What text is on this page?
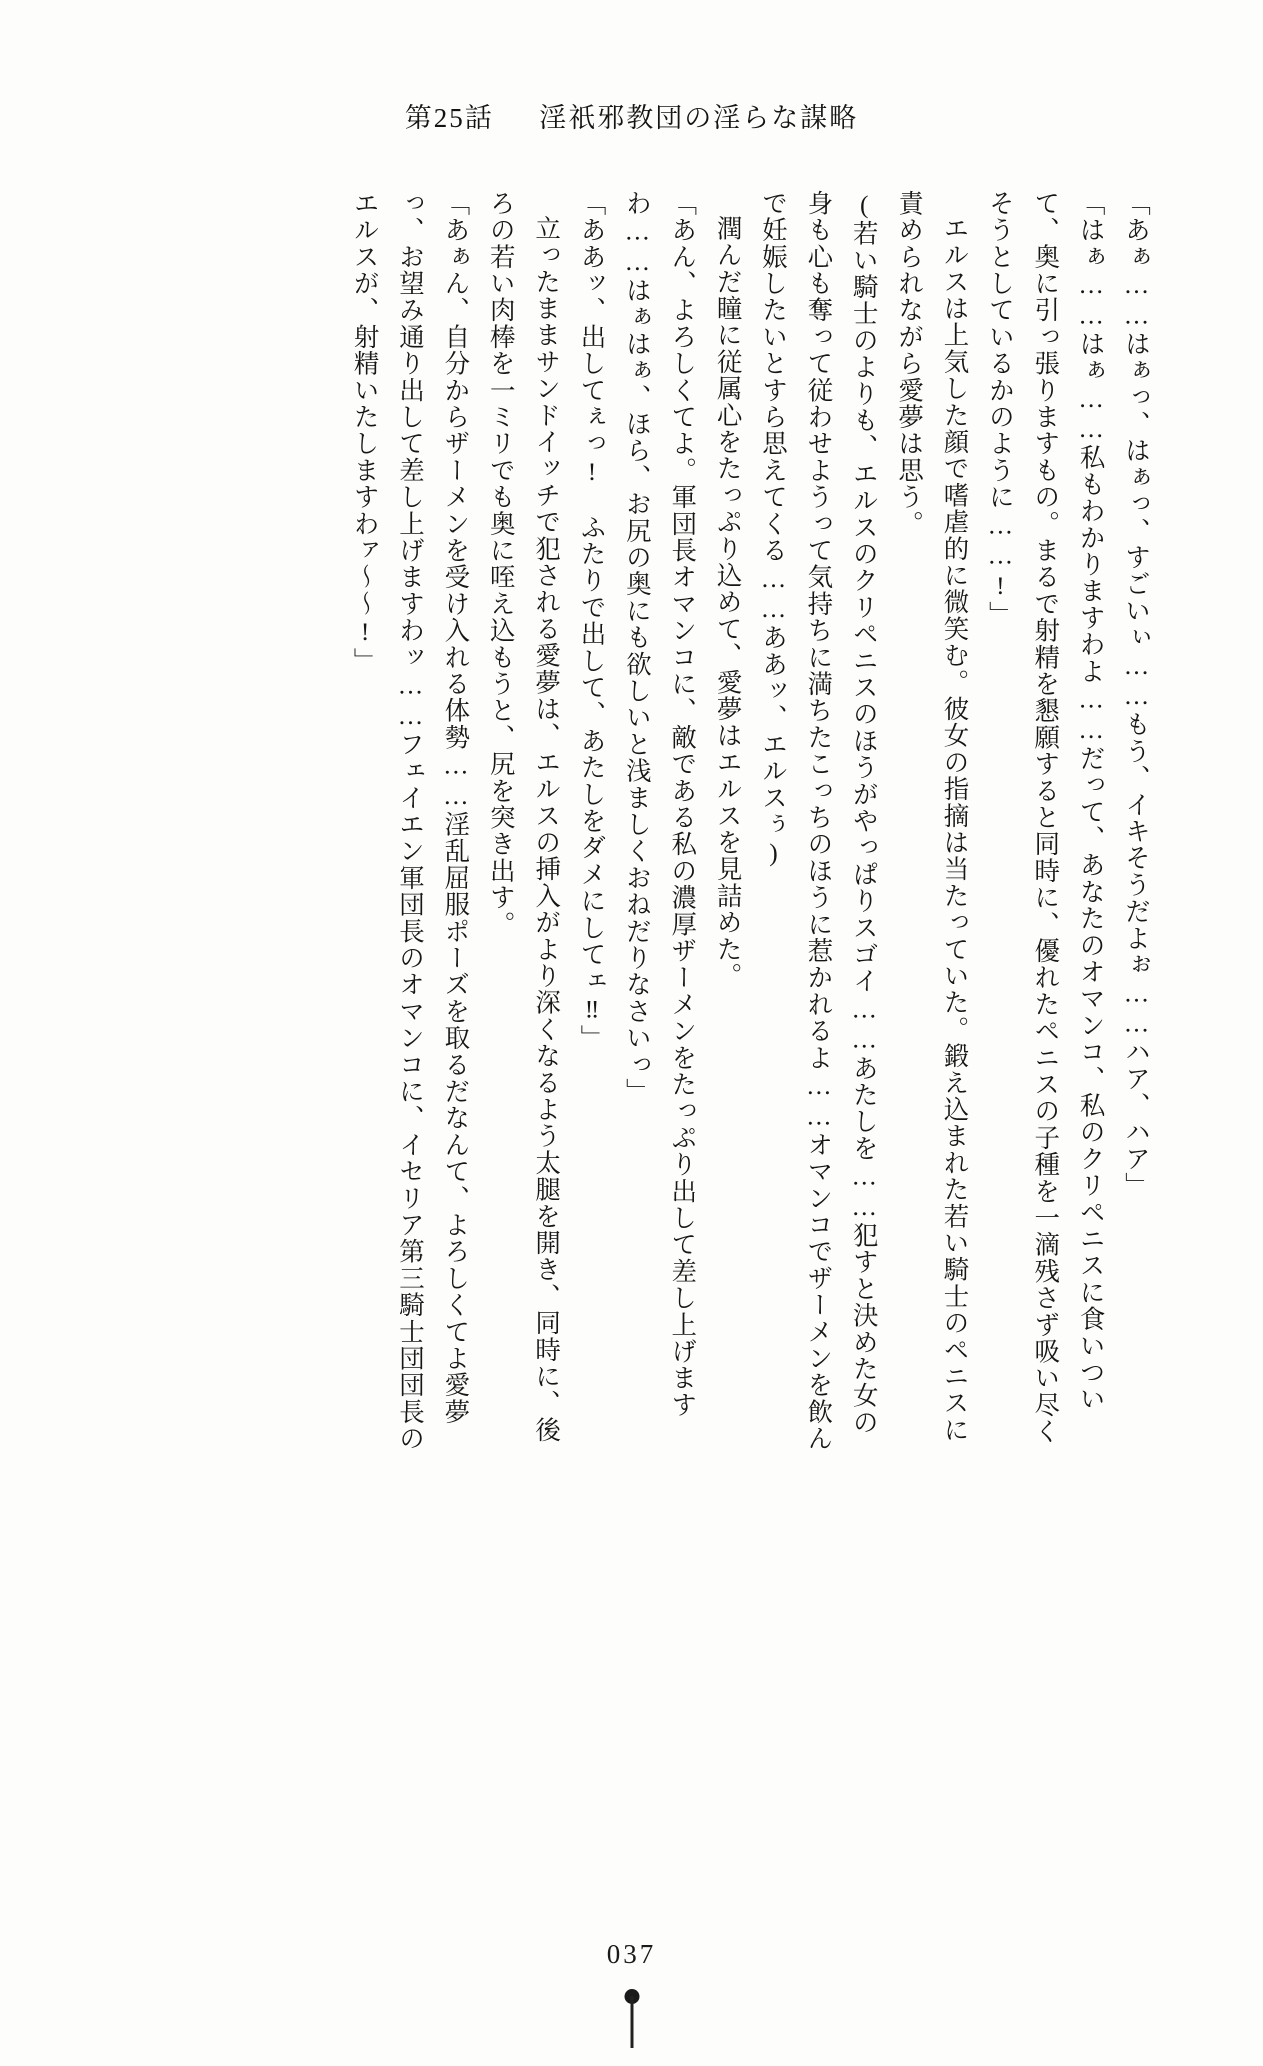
第25話 淫祇邪教団の淫らな謀略

「あぁ……はぁっ、はぁっ、すごいぃ……もう、イキそうだよぉ……ハア、ハア」

「はぁ……はぁ……私もわかりますわよ……だって、あなたのオマンコ、私のクリペニスに食いついて、奥に引っ張りますもの。まるで射精を懇願すると同時に、優れたペニスの子種を一滴残さず吸い尽くそうとしているかのように……!」

エルスは上気した顔で嗜虐的に微笑む。彼女の指摘は当たっていた。鍛え込まれた若い騎士のペニスに責められながら愛夢は思う。

(若い騎士のよりも、エルスのクリペニスのほうがやっぱりスゴイ……あたしを……犯すと決めた女の身も心も奪って従わせようって気持ちに満ちたこっちのほうに惹かれるよ……オマンコでザーメンを飲んで妊娠したいとすら思えてくる……ああッ、エルスぅ)

潤んだ瞳に従属心をたっぷり込めて、愛夢はエルスを見詰めた。

「あん、よろしくてよ。軍団長オマンコに、敵である私の濃厚ザーメンをたっぷり出して差し上げますわ……はぁはぁ、ほら、お尻の奥にも欲しいと浅ましくおねだりなさいっ」

「ああッ、出してぇっ!　ふたりで出して、あたしをダメにしてェ‼」

立ったままサンドイッチで犯される愛夢は、エルスの挿入がより深くなるよう太腿を開き、同時に、後ろの若い肉棒を一ミリでも奥に咥え込もうと、尻を突き出す。

「あぁん、自分からザーメンを受け入れる体勢……淫乱屈服ポーズを取るだなんて、よろしくてよ愛夢っ、お望み通り出して差し上げますわッ……フェイエン軍団長のオマンコに、イセリア第三騎士団団長のエルスが、射精いたしますわァ～～!」

037
